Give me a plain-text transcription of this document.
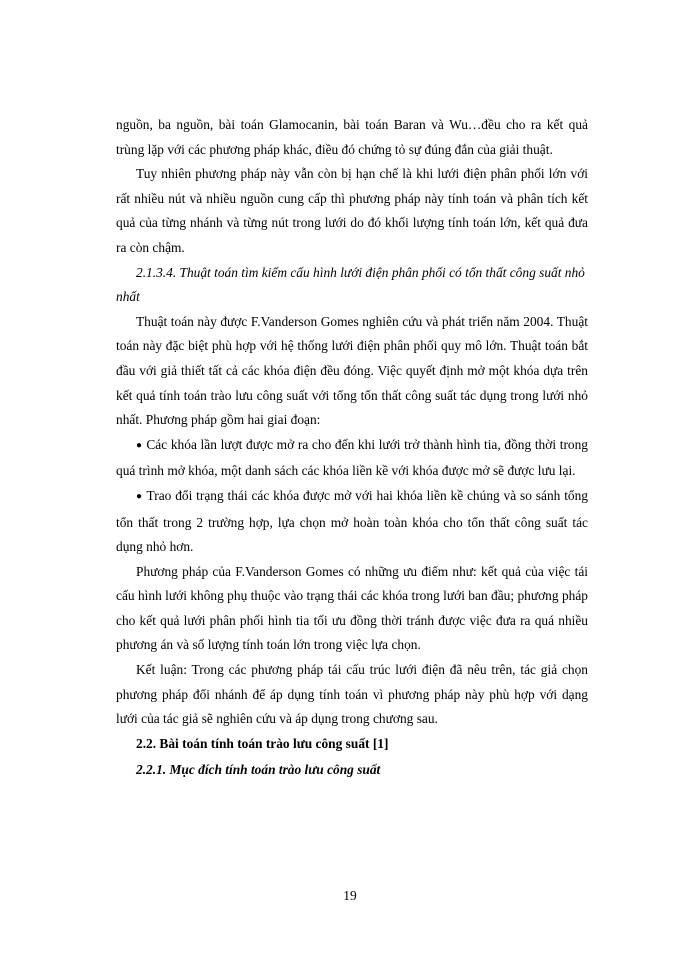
nguồn, ba nguồn, bài toán Glamocanin, bài toán Baran và Wu…đều cho ra kết quả trùng lặp với các phương pháp khác, điều đó chứng tỏ sự đúng đắn của giải thuật.

Tuy nhiên phương pháp này vẫn còn bị hạn chế là khi lưới điện phân phối lớn với rất nhiều nút và nhiều nguồn cung cấp thì phương pháp này tính toán và phân tích kết quả của từng nhánh và từng nút trong lưới do đó khối lượng tính toán lớn, kết quả đưa ra còn chậm.

2.1.3.4. Thuật toán tìm kiếm cấu hình lưới điện phân phối có tổn thất công suất nhỏ nhất

Thuật toán này được F.Vanderson Gomes nghiên cứu và phát triển năm 2004. Thuật toán này đặc biệt phù hợp với hệ thống lưới điện phân phối quy mô lớn. Thuật toán bắt đầu với giả thiết tất cả các khóa điện đều đóng. Việc quyết định mở một khóa dựa trên kết quả tính toán trào lưu công suất với tổng tổn thất công suất tác dụng trong lưới nhỏ nhất. Phương pháp gồm hai giai đoạn:

● Các khóa lần lượt được mở ra cho đến khi lưới trở thành hình tia, đồng thời trong quá trình mở khóa, một danh sách các khóa liền kề với khóa được mở sẽ được lưu lại.

● Trao đổi trạng thái các khóa được mở với hai khóa liền kề chúng và so sánh tổng tổn thất trong 2 trường hợp, lựa chọn mở hoàn toàn khóa cho tổn thất công suất tác dụng nhỏ hơn.

Phương pháp của F.Vanderson Gomes có những ưu điểm như: kết quả của việc tái cấu hình lưới không phụ thuộc vào trạng thái các khóa trong lưới ban đầu; phương pháp cho kết quả lưới phân phối hình tia tối ưu đồng thời tránh được việc đưa ra quá nhiều phương án và số lượng tính toán lớn trong việc lựa chọn.

Kết luận: Trong các phương pháp tái cấu trúc lưới điện đã nêu trên, tác giả chọn phương pháp đổi nhánh để áp dụng tính toán vì phương pháp này phù hợp với dạng lưới của tác giả sẽ nghiên cứu và áp dụng trong chương sau.

2.2. Bài toán tính toán trào lưu công suất [1]

2.2.1. Mục đích tính toán trào lưu công suất

19
